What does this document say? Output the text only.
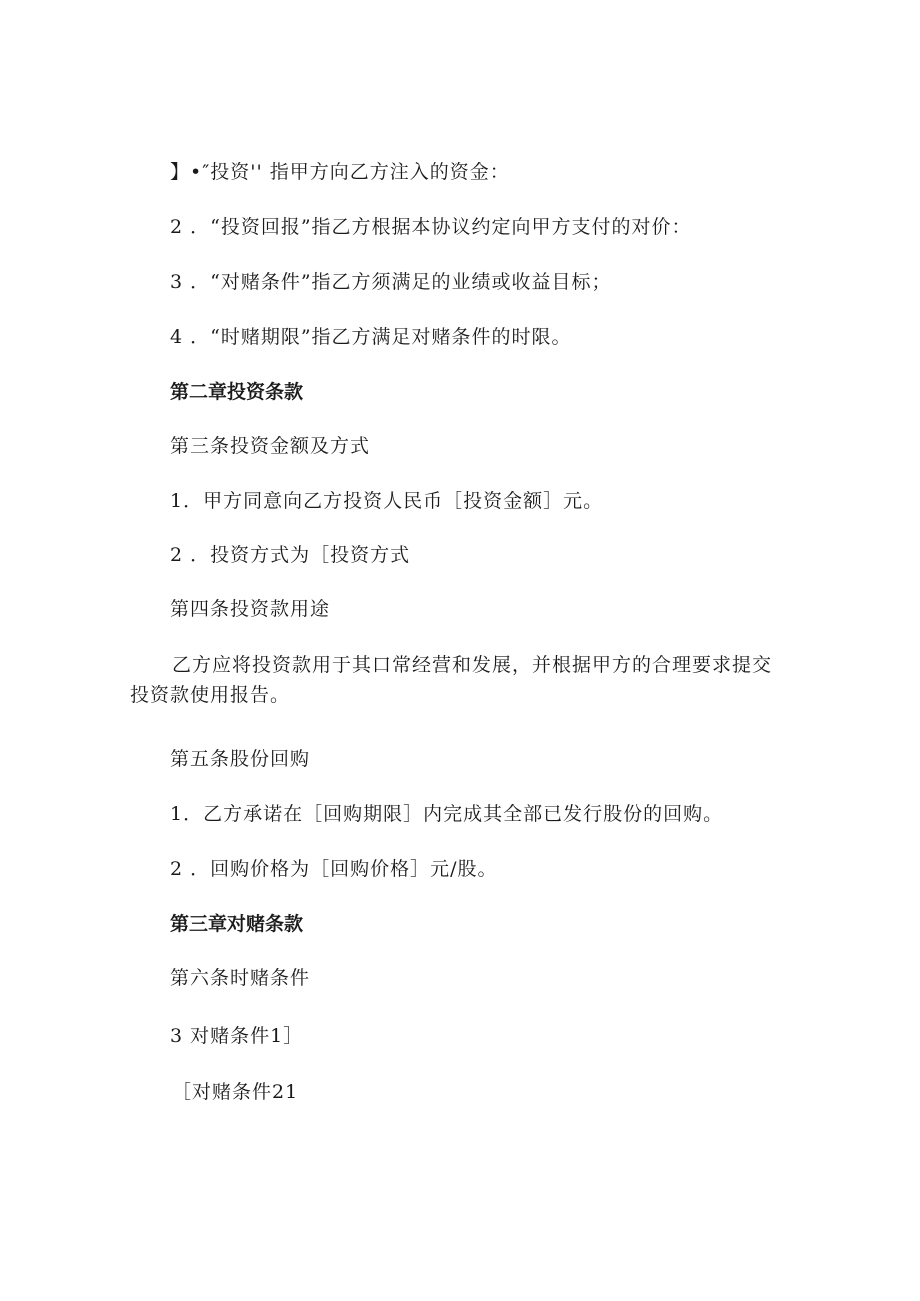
】•″投资'' 指甲方向乙方注入的资金：
2 ．“投资回报”指乙方根据本协议约定向甲方支付的对价：
3 ．“对赌条件”指乙方须满足的业绩或收益目标；
4 ．“时赌期限”指乙方满足对赌条件的时限。
第二章投资条款
第三条投资金额及方式
1．甲方同意向乙方投资人民币［投资金额］元。
2 ．投资方式为［投资方式
第四条投资款用途
乙方应将投资款用于其口常经营和发展，并根据甲方的合理要求提交投资款使用报告。
第五条股份回购
1．乙方承诺在［回购期限］内完成其全部已发行股份的回购。
2 ．回购价格为［回购价格］元/股。
第三章对赌条款
第六条时赌条件
3 对赌条件1］
［对赌条件21
